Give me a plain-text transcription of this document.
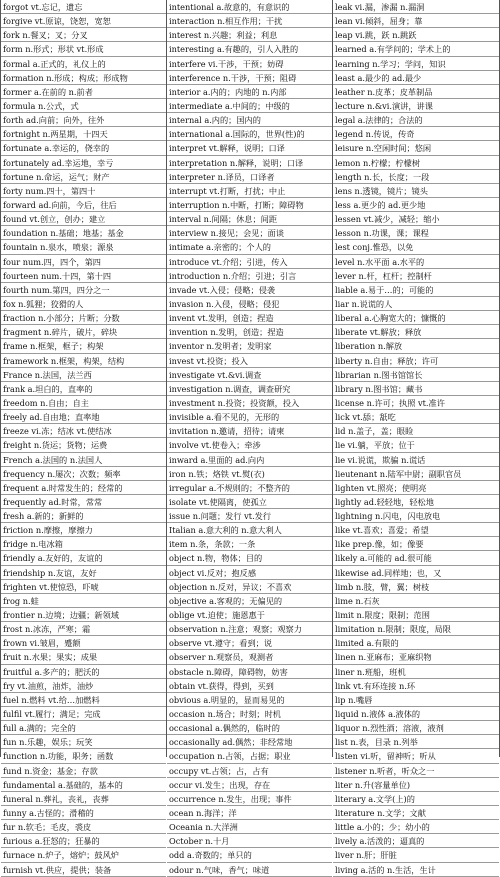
forgot vt.忘记，遗忘
forgive vt.原谅，饶恕，宽恕
fork n.餐叉；叉；分叉
form n.形式；形状 vt.形成
formal a.正式的，礼仪上的
formation n.形成；构成；形成物
former a.在前的 n.前者
formula n.公式，式
forth ad.向前；向外，往外
fortnight n.两星期，十四天
fortunate a.幸运的，侥幸的
fortunately ad.幸运地，幸亏
fortune n.命运，运气；财产
forty num.四十，第四十
forward ad.向前，今后，往后
found vt.创立，创办；建立
foundation n.基础；地基；基金
fountain n.泉水，喷泉；源泉
four num.四，四个，第四
fourteen num.十四，第十四
fourth num.第四，四分之一
fox n.狐狸；狡猾的人
fraction n.小部分；片断；分数
fragment n.碎片，破片，碎块
frame n.框架，框子；构架
framework n.框架，构架，结构
France n.法国，法兰西
frank a.坦白的，直率的
freedom n.自由；自主
freely ad.自由地；直率地
freeze vi.冻；结冰 vt.使结冰
freight n.货运；货物；运费
French a.法国的 n.法国人
frequency n.屡次；次数；频率
frequent a.时常发生的；经常的
frequently ad.时常，常常
fresh a.新的；新鲜的
friction n.摩擦，摩擦力
fridge n.电冰箱
friendly a.友好的，友谊的
friendship n.友谊，友好
frighten vt.使惊恐，吓唬
frog n.蛙
frontier n.边境；边疆；新领域
frost n.冰冻，严寒；霜
frown vi.皱眉，蹙额
fruit n.水果；果实；成果
fruitful a.多产的；肥沃的
fry vt.油煎，油炸，油炒
fuel n.燃料 vt.给…加燃料
fulfil vt.履行；满足；完成
full a.满的；完全的
fun n.乐趣，娱乐；玩笑
function n.功能，职务；函数
fund n.资金；基金；存款
fundamental a.基础的，基本的
funeral n.葬礼，丧礼，丧葬
funny a.古怪的；滑稽的
fur n.软毛；毛皮，裘皮
furious a.狂怒的；狂暴的
furnace n.炉子，熔炉；鼓风炉
furnish vt.供应，提供；装备
intentional a.故意的，有意识的
interaction n.相互作用；干扰
interest n.兴趣；利益；利息
interesting a.有趣的，引人入胜的
interfere vi.干涉，干预；妨碍
interference n.干涉，干预；阻碍
interior a.内的；内地的 n.内部
intermediate a.中间的；中级的
internal a.内的；国内的
international a.国际的，世界(性)的
interpret vt.解释，说明；口译
interpretation n.解释，说明；口译
interpreter n.译员，口译者
interrupt vt.打断，打扰；中止
interruption n.中断，打断；障碍物
interval n.间隔；休息；间距
interview n.接见；会见；面谈
intimate a.亲密的；个人的
introduce vt.介绍；引进，传入
introduction n.介绍；引进；引言
invade vt.入侵；侵略；侵袭
invasion n.入侵，侵略；侵犯
invent vt.发明，创造；捏造
invention n.发明，创造；捏造
inventor n.发明者；发明家
invest vt.投资；投入
investigate vt.&vi.调查
investigation n.调查，调查研究
investment n.投资；投资额，投入
invisible a.看不见的，无形的
invitation n.邀请，招待；请柬
involve vt.使卷入；牵涉
inward a.里面的 ad.向内
iron n.铁；烙铁 vt.熨(衣)
irregular a.不规则的；不整齐的
isolate vt.使隔离，使孤立
issue n.问题；发行 vt.发行
Italian a.意大利的 n.意大利人
item n.条，条款；一条
object n.物，物体；目的
object vi.反对；抱反感
objection n.反对，异议；不喜欢
objective a.客观的；无偏见的
oblige vt.迫使；施恩惠于
observation n.注意；观察；观察力
observe vt.遵守；看到；说
observer n.观察员，观测者
obstacle n.障碍，障碍物，妨害
obtain vt.获得，得到，买到
obvious a.明显的，显而易见的
occasion n.场合；时刻；时机
occasional a.偶然的，临时的
occasionally ad.偶然；非经常地
occupation n.占领，占据；职业
occupy vt.占领；占，占有
occur vi.发生；出现，存在
occurrence n.发生，出现；事件
ocean n.海洋；洋
Oceania n.大洋洲
October n.十月
odd a.奇数的；单只的
odour n.气味，香气；味道
leak vi.漏，渗漏 n.漏洞
lean vi.倾斜，屈身；靠
leap vi.跳，跃 n.跳跃
learned a.有学问的；学术上的
learning n.学习；学问，知识
least a.最少的 ad.最少
leather n.皮革；皮革制品
lecture n.&vi.演讲，讲课
legal a.法律的；合法的
legend n.传说，传奇
leisure n.空闲时间；悠闲
lemon n.柠檬；柠檬树
length n.长，长度；一段
lens n.透镜，镜片；镜头
less a.更少的 ad.更少地
lessen vt.减少，减轻；缩小
lesson n.功课，课；课程
lest conj.惟恐，以免
level n.水平面 a.水平的
lever n.杆，杠杆；控制杆
liable a.易于…的；可能的
liar n.说谎的人
liberal a.心胸宽大的；慷慨的
liberate vt.解放；释放
liberation n.解放
liberty n.自由；释放；许可
librarian n.图书馆馆长
library n.图书馆；藏书
license n.许可；执照 vt.准许
lick vt.舔；舐吃
lid n.盖子，盖；眼睑
lie vi.躺，平放；位于
lie vi.说谎，欺骗 n.谎话
lieutenant n.陆军中尉；副职官员
lighten vt.照亮；使明亮
lightly ad.轻轻地，轻松地
lightning n.闪电，闪电放电
like vt.喜欢；喜爱；希望
like prep.像，如；像要
likely a.可能的 ad.很可能
likewise ad.同样地；也，又
limb n.肢，臂，翼；树枝
lime n.石灰
limit n.限度；限制；范围
limitation n.限制；限度，局限
limited a.有限的
linen n.亚麻布；亚麻织物
liner n.班船，班机
link vt.有环连接 n.环
lip n.嘴唇
liquid n.液体 a.液体的
liquor n.烈性酒；溶液，液剂
list n.表，目录 n.列举
listen vi.听，留神听；听从
listener n.听者，听众之一
liter n.升(容量单位)
literary a.文学(上)的
literature n.文学；文献
little a.小的；少；幼小的
lively a.活泼的；逼真的
liver n.肝；肝脏
living a.活的 n.生活，生计
